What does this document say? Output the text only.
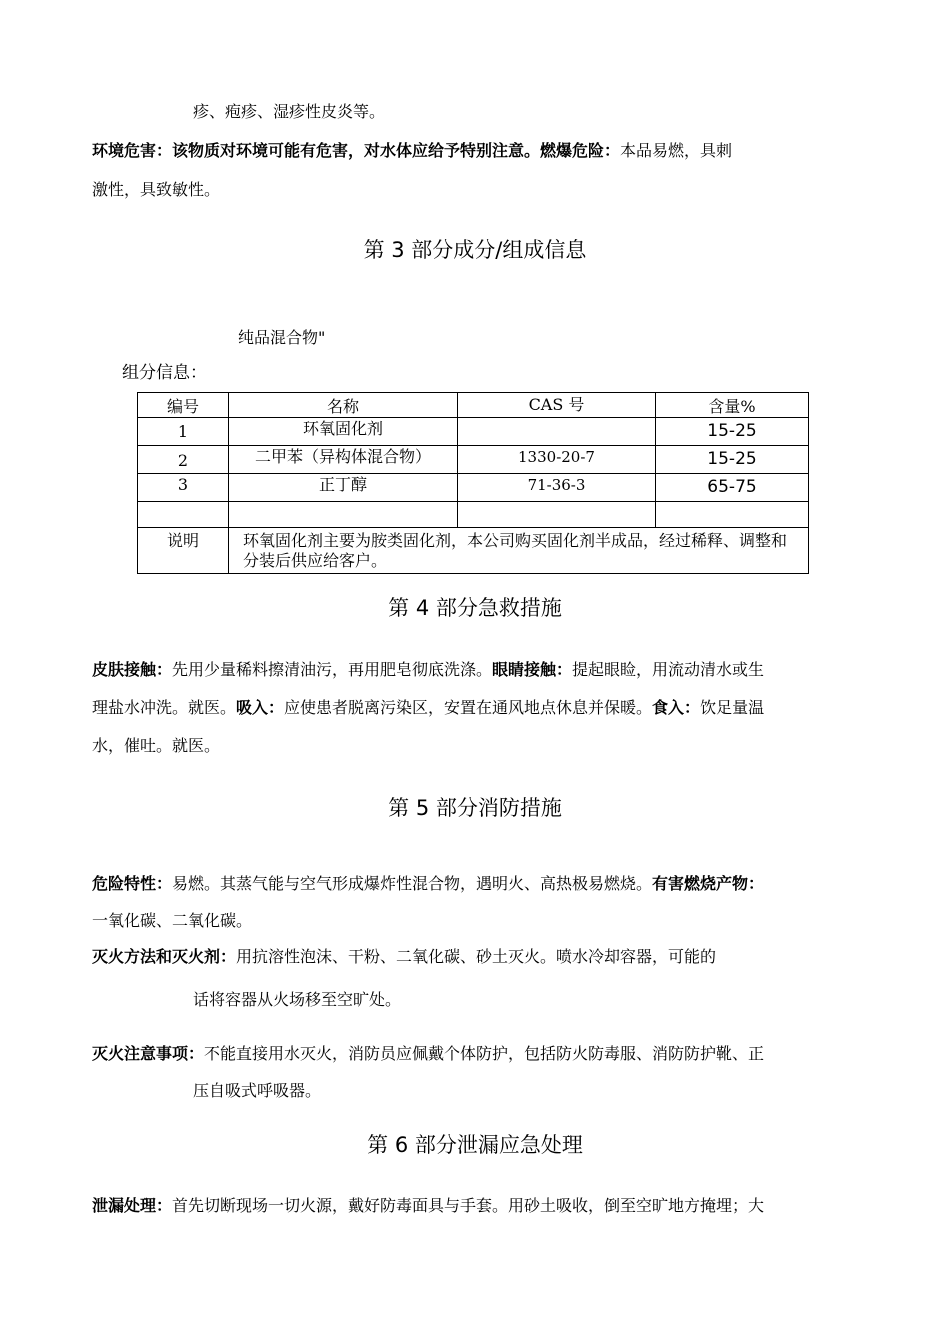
疹、疱疹、湿疹性皮炎等。
环境危害：该物质对环境可能有危害，对水体应给予特别注意。燃爆危险：本品易燃，具刺
激性，具致敏性。
第 3 部分成分/组成信息
纯品混合物"
组分信息：
编号	名称	CAS 号	含量%
1	环氧固化剂		15-25
2	二甲苯（异构体混合物）	1330-20-7	15-25
3	正丁醇	71-36-3	65-75

说明	环氧固化剂主要为胺类固化剂，本公司购买固化剂半成品，经过稀释、调整和分装后供应给客户。		
第 4 部分急救措施
皮肤接触：先用少量稀料擦清油污，再用肥皂彻底洗涤。眼睛接触：提起眼睑，用流动清水或生
理盐水冲洗。就医。吸入：应使患者脱离污染区，安置在通风地点休息并保暖。食入：饮足量温
水，催吐。就医。
第 5 部分消防措施
危险特性：易燃。其蒸气能与空气形成爆炸性混合物，遇明火、高热极易燃烧。有害燃烧产物：
一氧化碳、二氧化碳。
灭火方法和灭火剂：用抗溶性泡沫、干粉、二氧化碳、砂土灭火。喷水冷却容器，可能的
话将容器从火场移至空旷处。
灭火注意事项：不能直接用水灭火，消防员应佩戴个体防护，包括防火防毒服、消防防护靴、正
压自吸式呼吸器。
第 6 部分泄漏应急处理
泄漏处理：首先切断现场一切火源，戴好防毒面具与手套。用砂土吸收，倒至空旷地方掩埋；大
